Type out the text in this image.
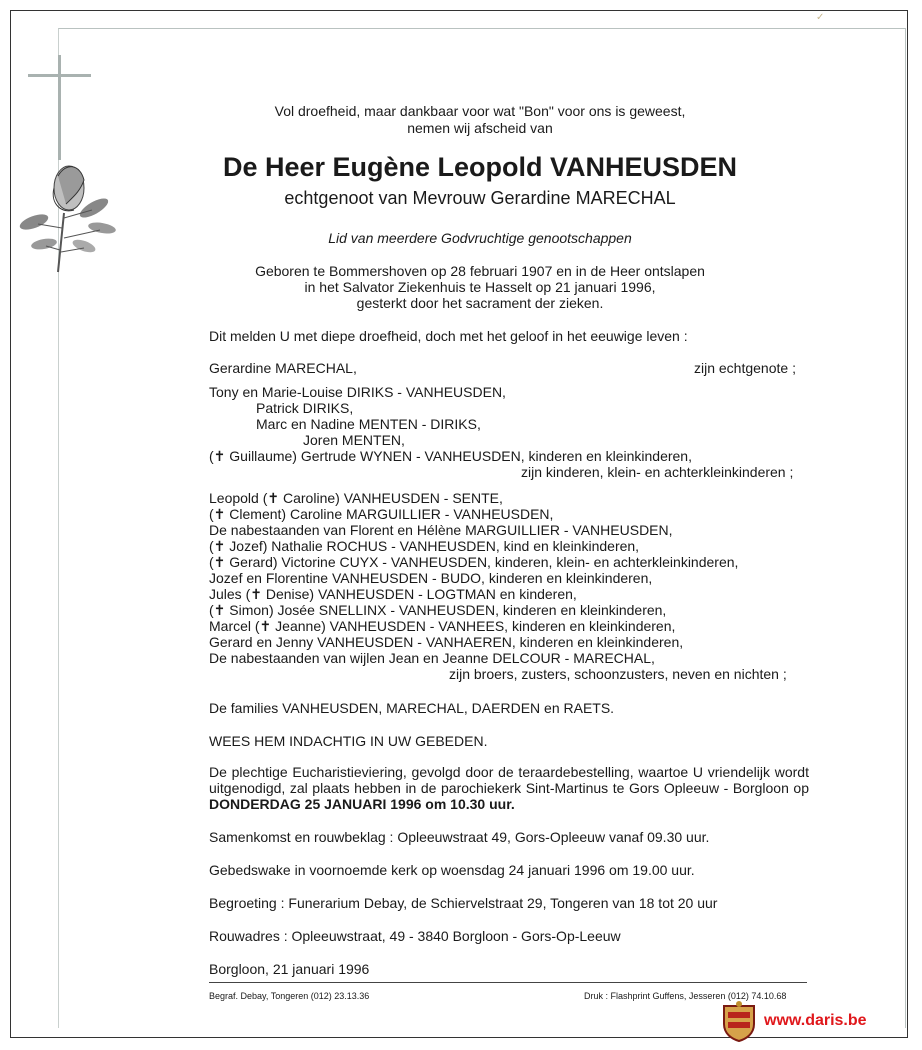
✓
Vol droefheid, maar dankbaar voor wat "Bon" voor ons is geweest,
nemen wij afscheid van
De Heer Eugène Leopold VANHEUSDEN
echtgenoot van Mevrouw Gerardine MARECHAL
Lid van meerdere Godvruchtige genootschappen
Geboren te Bommershoven op 28 februari 1907 en in de Heer ontslapen
in het Salvator Ziekenhuis te Hasselt op 21 januari 1996,
gesterkt door het sacrament der zieken.
Dit melden U met diepe droefheid, doch met het geloof in het eeuwige leven :
Gerardine MARECHAL,	zijn echtgenote ;
Tony en Marie-Louise DIRIKS - VANHEUSDEN,
Patrick DIRIKS,
Marc en Nadine MENTEN - DIRIKS,
Joren MENTEN,
(✝ Guillaume) Gertrude WYNEN - VANHEUSDEN, kinderen en kleinkinderen,
zijn kinderen, klein- en achterkleinkinderen ;
Leopold (✝ Caroline) VANHEUSDEN - SENTE,
(✝ Clement) Caroline MARGUILLIER - VANHEUSDEN,
De nabestaanden van Florent en Hélène MARGUILLIER - VANHEUSDEN,
(✝ Jozef) Nathalie ROCHUS - VANHEUSDEN, kind en kleinkinderen,
(✝ Gerard) Victorine CUYX - VANHEUSDEN, kinderen, klein- en achterkleinkinderen,
Jozef en Florentine VANHEUSDEN - BUDO, kinderen en kleinkinderen,
Jules (✝ Denise) VANHEUSDEN - LOGTMAN en kinderen,
(✝ Simon) Josée SNELLINX - VANHEUSDEN, kinderen en kleinkinderen,
Marcel (✝ Jeanne) VANHEUSDEN - VANHEES, kinderen en kleinkinderen,
Gerard en Jenny VANHEUSDEN - VANHAEREN, kinderen en kleinkinderen,
De nabestaanden van wijlen Jean en Jeanne DELCOUR - MARECHAL,
zijn broers, zusters, schoonzusters, neven en nichten ;
De families VANHEUSDEN, MARECHAL, DAERDEN en RAETS.
WEES HEM INDACHTIG IN UW GEBEDEN.
De plechtige Eucharistieviering, gevolgd door de teraardebestelling, waartoe U vriendelijk wordt uitgenodigd, zal plaats hebben in de parochiekerk Sint-Martinus te Gors Opleeuw - Borgloon op DONDERDAG 25 JANUARI 1996 om 10.30 uur.
Samenkomst en rouwbeklag : Opleeuwstraat 49, Gors-Opleeuw vanaf 09.30 uur.
Gebedswake in voornoemde kerk op woensdag 24 januari 1996 om 19.00 uur.
Begroeting : Funerarium Debay, de Schiervelstraat 29, Tongeren van 18 tot 20 uur
Rouwadres : Opleeuwstraat, 49 - 3840 Borgloon - Gors-Op-Leeuw
Borgloon, 21 januari 1996
Begraf. Debay, Tongeren (012) 23.13.36	Druk : Flashprint Guffens, Jesseren (012) 74.10.68
www.daris.be
